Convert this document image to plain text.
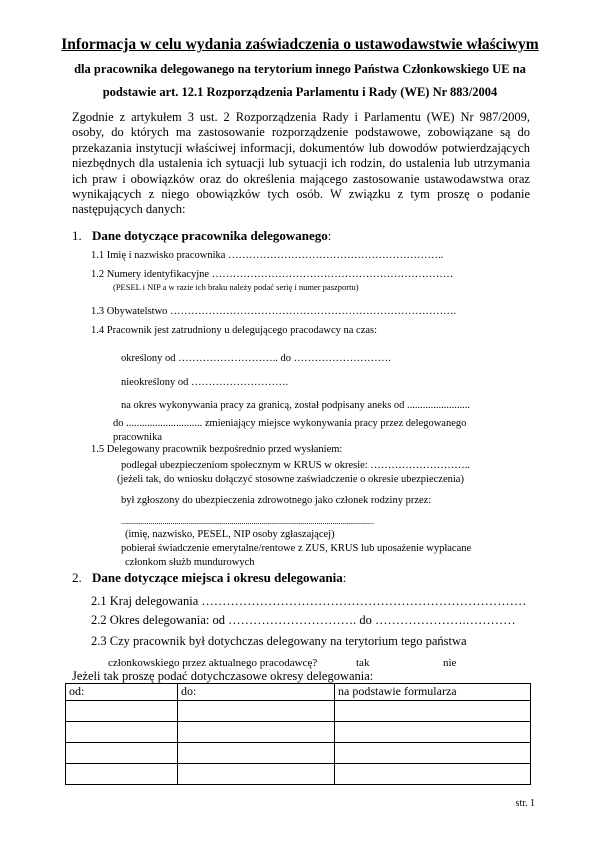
Informacja w celu wydania zaświadczenia o ustawodawstwie właściwym
dla pracownika delegowanego na terytorium innego Państwa Członkowskiego UE na
podstawie art. 12.1 Rozporządzenia Parlamentu i Rady (WE) Nr 883/2004
Zgodnie z artykułem 3 ust. 2 Rozporządzenia Rady i Parlamentu (WE) Nr 987/2009, osoby, do których ma zastosowanie rozporządzenie podstawowe, zobowiązane są do przekazania instytucji właściwej informacji, dokumentów lub dowodów potwierdzających niezbędnych dla ustalenia ich sytuacji lub sytuacji ich rodzin, do ustalenia lub utrzymania ich praw i obowiązków oraz do określenia mającego zastosowanie ustawodawstwa oraz wynikających z niego obowiązków tych osób. W związku z tym proszę o podanie następujących danych:
1. Dane dotyczące pracownika delegowanego:
1.1 Imię i nazwisko pracownika ……………………………………………………..
1.2 Numery identyfikacyjne ……………………………………………………………
(PESEL i NIP a w razie ich braku należy podać serię i numer paszportu)
1.3 Obywatelstwo ……………………………………………………………………….
1.4 Pracownik jest zatrudniony u delegującego pracodawcy na czas:
określony od ……………………….. do ……………………….
nieokreślony od ……………………….
na okres wykonywania pracy za granicą, został podpisany aneks od ........................
do ............................. zmieniający miejsce wykonywania pracy przez delegowanego
pracownika
1.5 Delegowany pracownik bezpośrednio przed wysłaniem:
podlegał ubezpieczeniom społecznym w KRUS w okresie: ………………………..
(jeżeli tak, do wniosku dołączyć stosowne zaświadczenie o okresie ubezpieczenia)
był zgłoszony do ubezpieczenia zdrowotnego jako członek rodziny przez:
................................................................................................................................
(imię, nazwisko, PESEL, NIP osoby zgłaszającej)
pobierał świadczenie emerytalne/rentowe z ZUS, KRUS lub uposażenie wypłacane
członkom służb mundurowych
2. Dane dotyczące miejsca i okresu delegowania:
2.1 Kraj delegowania ……………………………………………………………………
2.2 Okres delegowania: od …………………………. do ………………….…………
2.3 Czy pracownik był dotychczas delegowany na terytorium tego państwa
członkowskiego przez aktualnego pracodawcę?	tak	nie
Jeżeli tak proszę podać dotychczasowe okresy delegowania:
od:	do:	na podstawie formularza

str. 1
